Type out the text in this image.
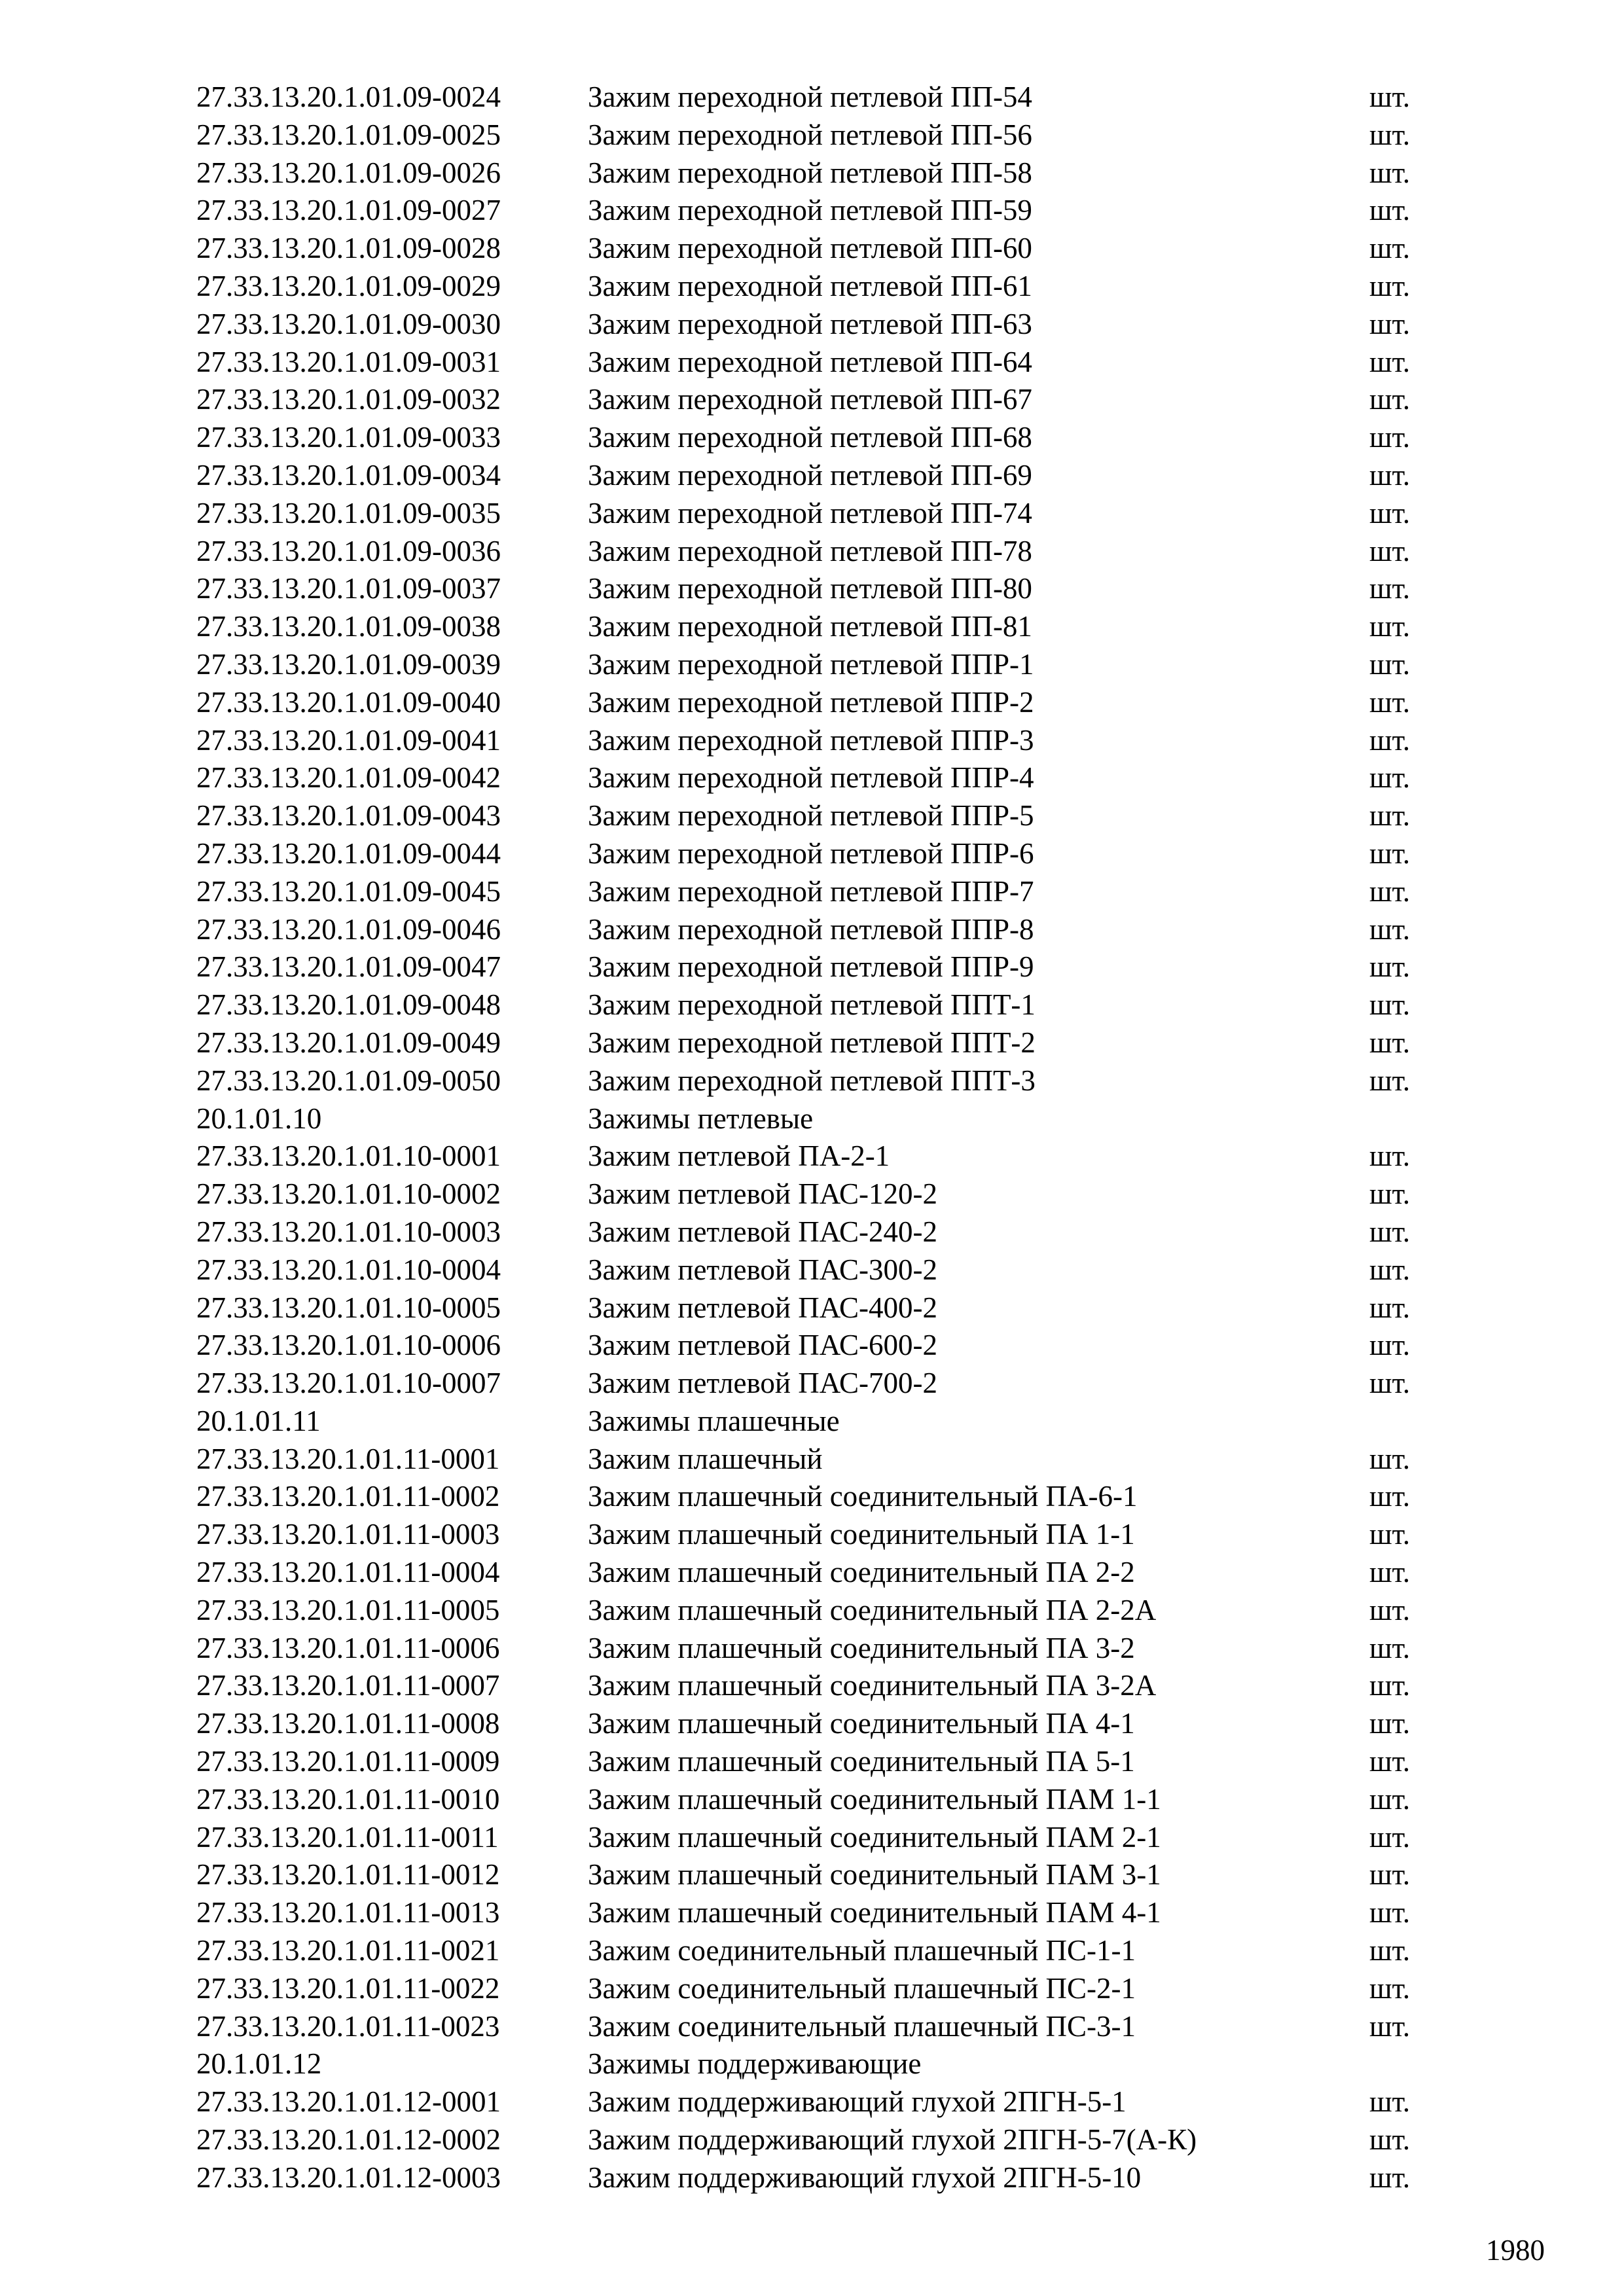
27.33.13.20.1.01.09-0024	Зажим переходной петлевой ПП-54	шт.
27.33.13.20.1.01.09-0025	Зажим переходной петлевой ПП-56	шт.
27.33.13.20.1.01.09-0026	Зажим переходной петлевой ПП-58	шт.
27.33.13.20.1.01.09-0027	Зажим переходной петлевой ПП-59	шт.
27.33.13.20.1.01.09-0028	Зажим переходной петлевой ПП-60	шт.
27.33.13.20.1.01.09-0029	Зажим переходной петлевой ПП-61	шт.
27.33.13.20.1.01.09-0030	Зажим переходной петлевой ПП-63	шт.
27.33.13.20.1.01.09-0031	Зажим переходной петлевой ПП-64	шт.
27.33.13.20.1.01.09-0032	Зажим переходной петлевой ПП-67	шт.
27.33.13.20.1.01.09-0033	Зажим переходной петлевой ПП-68	шт.
27.33.13.20.1.01.09-0034	Зажим переходной петлевой ПП-69	шт.
27.33.13.20.1.01.09-0035	Зажим переходной петлевой ПП-74	шт.
27.33.13.20.1.01.09-0036	Зажим переходной петлевой ПП-78	шт.
27.33.13.20.1.01.09-0037	Зажим переходной петлевой ПП-80	шт.
27.33.13.20.1.01.09-0038	Зажим переходной петлевой ПП-81	шт.
27.33.13.20.1.01.09-0039	Зажим переходной петлевой ППР-1	шт.
27.33.13.20.1.01.09-0040	Зажим переходной петлевой ППР-2	шт.
27.33.13.20.1.01.09-0041	Зажим переходной петлевой ППР-3	шт.
27.33.13.20.1.01.09-0042	Зажим переходной петлевой ППР-4	шт.
27.33.13.20.1.01.09-0043	Зажим переходной петлевой ППР-5	шт.
27.33.13.20.1.01.09-0044	Зажим переходной петлевой ППР-6	шт.
27.33.13.20.1.01.09-0045	Зажим переходной петлевой ППР-7	шт.
27.33.13.20.1.01.09-0046	Зажим переходной петлевой ППР-8	шт.
27.33.13.20.1.01.09-0047	Зажим переходной петлевой ППР-9	шт.
27.33.13.20.1.01.09-0048	Зажим переходной петлевой ППТ-1	шт.
27.33.13.20.1.01.09-0049	Зажим переходной петлевой ППТ-2	шт.
27.33.13.20.1.01.09-0050	Зажим переходной петлевой ППТ-3	шт.
20.1.01.10	Зажимы петлевые
27.33.13.20.1.01.10-0001	Зажим петлевой ПА-2-1	шт.
27.33.13.20.1.01.10-0002	Зажим петлевой ПАС-120-2	шт.
27.33.13.20.1.01.10-0003	Зажим петлевой ПАС-240-2	шт.
27.33.13.20.1.01.10-0004	Зажим петлевой ПАС-300-2	шт.
27.33.13.20.1.01.10-0005	Зажим петлевой ПАС-400-2	шт.
27.33.13.20.1.01.10-0006	Зажим петлевой ПАС-600-2	шт.
27.33.13.20.1.01.10-0007	Зажим петлевой ПАС-700-2	шт.
20.1.01.11	Зажимы плашечные
27.33.13.20.1.01.11-0001	Зажим плашечный	шт.
27.33.13.20.1.01.11-0002	Зажим плашечный соединительный ПА-6-1	шт.
27.33.13.20.1.01.11-0003	Зажим плашечный соединительный ПА 1-1	шт.
27.33.13.20.1.01.11-0004	Зажим плашечный соединительный ПА 2-2	шт.
27.33.13.20.1.01.11-0005	Зажим плашечный соединительный ПА 2-2А	шт.
27.33.13.20.1.01.11-0006	Зажим плашечный соединительный ПА 3-2	шт.
27.33.13.20.1.01.11-0007	Зажим плашечный соединительный ПА 3-2А	шт.
27.33.13.20.1.01.11-0008	Зажим плашечный соединительный ПА 4-1	шт.
27.33.13.20.1.01.11-0009	Зажим плашечный соединительный ПА 5-1	шт.
27.33.13.20.1.01.11-0010	Зажим плашечный соединительный ПАМ 1-1	шт.
27.33.13.20.1.01.11-0011	Зажим плашечный соединительный ПАМ 2-1	шт.
27.33.13.20.1.01.11-0012	Зажим плашечный соединительный ПАМ 3-1	шт.
27.33.13.20.1.01.11-0013	Зажим плашечный соединительный ПАМ 4-1	шт.
27.33.13.20.1.01.11-0021	Зажим соединительный плашечный ПС-1-1	шт.
27.33.13.20.1.01.11-0022	Зажим соединительный плашечный ПС-2-1	шт.
27.33.13.20.1.01.11-0023	Зажим соединительный плашечный ПС-3-1	шт.
20.1.01.12	Зажимы поддерживающие
27.33.13.20.1.01.12-0001	Зажим поддерживающий глухой 2ПГН-5-1	шт.
27.33.13.20.1.01.12-0002	Зажим поддерживающий глухой 2ПГН-5-7(А-К)	шт.
27.33.13.20.1.01.12-0003	Зажим поддерживающий глухой 2ПГН-5-10	шт.
1980
